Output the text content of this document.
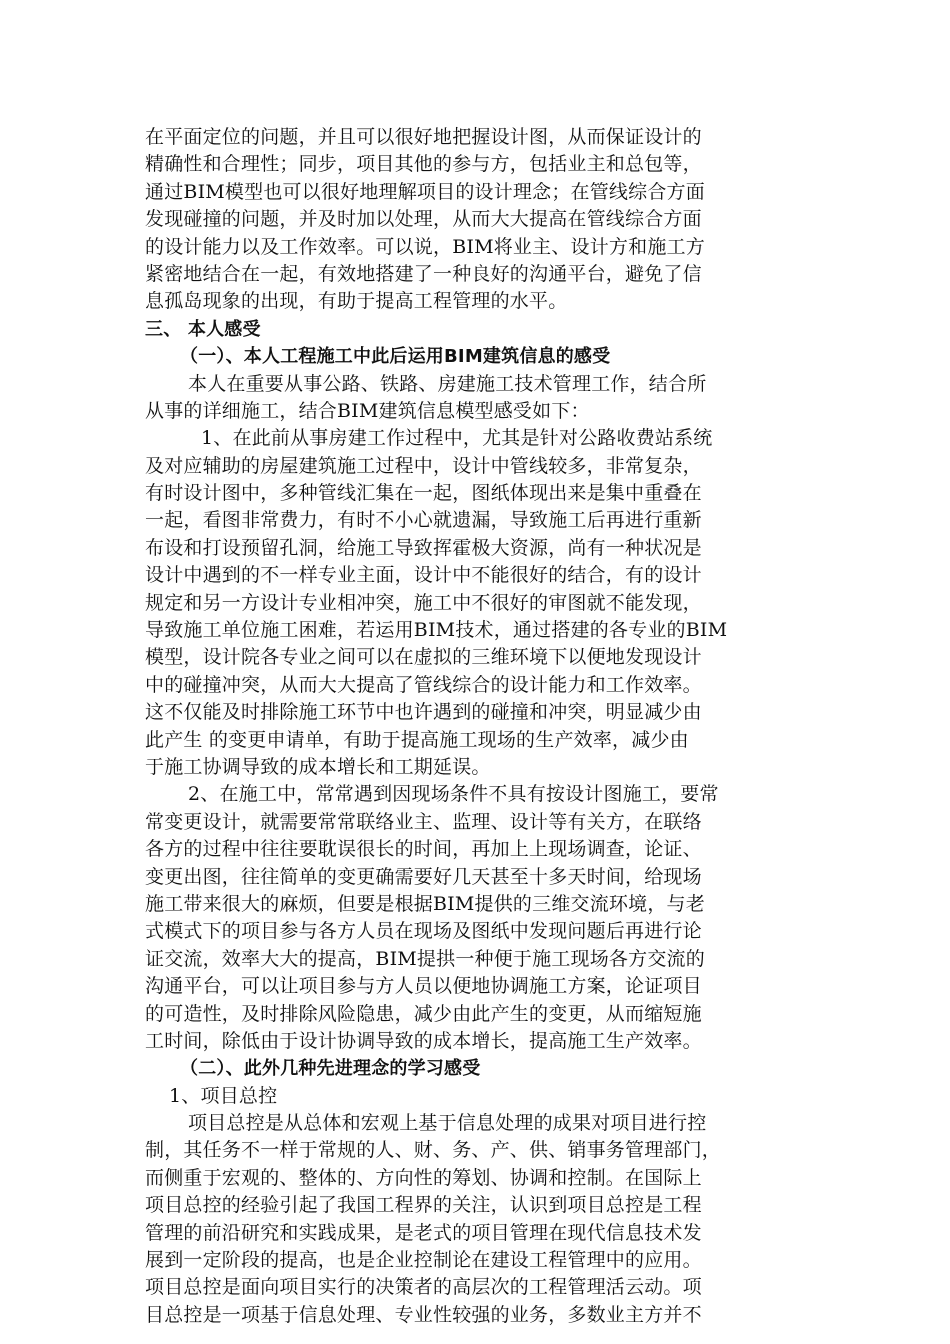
在平面定位的问题，并且可以很好地把握设计图，从而保证设计的
精确性和合理性；同步，项目其他的参与方，包括业主和总包等，
通过BIM模型也可以很好地理解项目的设计理念；在管线综合方面
发现碰撞的问题，并及时加以处理，从而大大提高在管线综合方面
的设计能力以及工作效率。可以说，BIM将业主、设计方和施工方
紧密地结合在一起，有效地搭建了一种良好的沟通平台，避免了信
息孤岛现象的出现，有助于提高工程管理的水平。
三、 本人感受
（一）、本人工程施工中此后运用BIM建筑信息的感受
本人在重要从事公路、铁路、房建施工技术管理工作，结合所
从事的详细施工，结合BIM建筑信息模型感受如下：
1、在此前从事房建工作过程中，尤其是针对公路收费站系统
及对应辅助的房屋建筑施工过程中，设计中管线较多，非常复杂，
有时设计图中，多种管线汇集在一起，图纸体现出来是集中重叠在
一起，看图非常费力，有时不小心就遗漏，导致施工后再进行重新
布设和打设预留孔洞，给施工导致挥霍极大资源，尚有一种状况是
设计中遇到的不一样专业主面，设计中不能很好的结合，有的设计
规定和另一方设计专业相冲突，施工中不很好的审图就不能发现，
导致施工单位施工困难，若运用BIM技术，通过搭建的各专业的BIM
模型，设计院各专业之间可以在虚拟的三维环境下以便地发现设计
中的碰撞冲突，从而大大提高了管线综合的设计能力和工作效率。
这不仅能及时排除施工环节中也许遇到的碰撞和冲突，明显减少由
此产生 的变更申请单，有助于提高施工现场的生产效率，减少由
于施工协调导致的成本增长和工期延误。
2、在施工中，常常遇到因现场条件不具有按设计图施工，要常
常变更设计，就需要常常联络业主、监理、设计等有关方，在联络
各方的过程中往往要耽误很长的时间，再加上上现场调查，论证、
变更出图，往往简单的变更确需要好几天甚至十多天时间，给现场
施工带来很大的麻烦，但要是根据BIM提供的三维交流环境，与老
式模式下的项目参与各方人员在现场及图纸中发现问题后再进行论
证交流，效率大大的提高，BIM提拱一种便于施工现场各方交流的
沟通平台，可以让项目参与方人员以便地协调施工方案，论证项目
的可造性，及时排除风险隐患，减少由此产生的变更，从而缩短施
工时间，除低由于设计协调导致的成本增长，提高施工生产效率。
（二）、此外几种先进理念的学习感受
1、项目总控
项目总控是从总体和宏观上基于信息处理的成果对项目进行控
制，其任务不一样于常规的人、财、务、产、供、销事务管理部门，
而侧重于宏观的、整体的、方向性的筹划、协调和控制。在国际上
项目总控的经验引起了我国工程界的关注，认识到项目总控是工程
管理的前沿研究和实践成果，是老式的项目管理在现代信息技术发
展到一定阶段的提高，也是企业控制论在建设工程管理中的应用。
项目总控是面向项目实行的决策者的高层次的工程管理活云动。项
目总控是一项基于信息处理、专业性较强的业务，多数业主方并不
